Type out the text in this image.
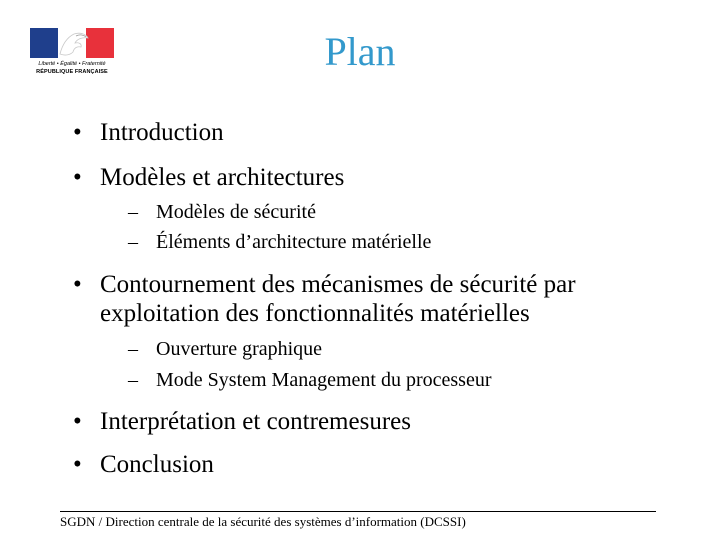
Liberté • Égalité • Fraternité
RÉPUBLIQUE FRANÇAISE	Plan
• Introduction
• Modèles et architectures
– Modèles de sécurité
– Éléments d’architecture matérielle
• Contournement des mécanismes de sécurité par exploitation des fonctionnalités matérielles
– Ouverture graphique
– Mode System Management du processeur
• Interprétation et contremesures
• Conclusion
SGDN / Direction centrale de la sécurité des systèmes d’information (DCSSI)
